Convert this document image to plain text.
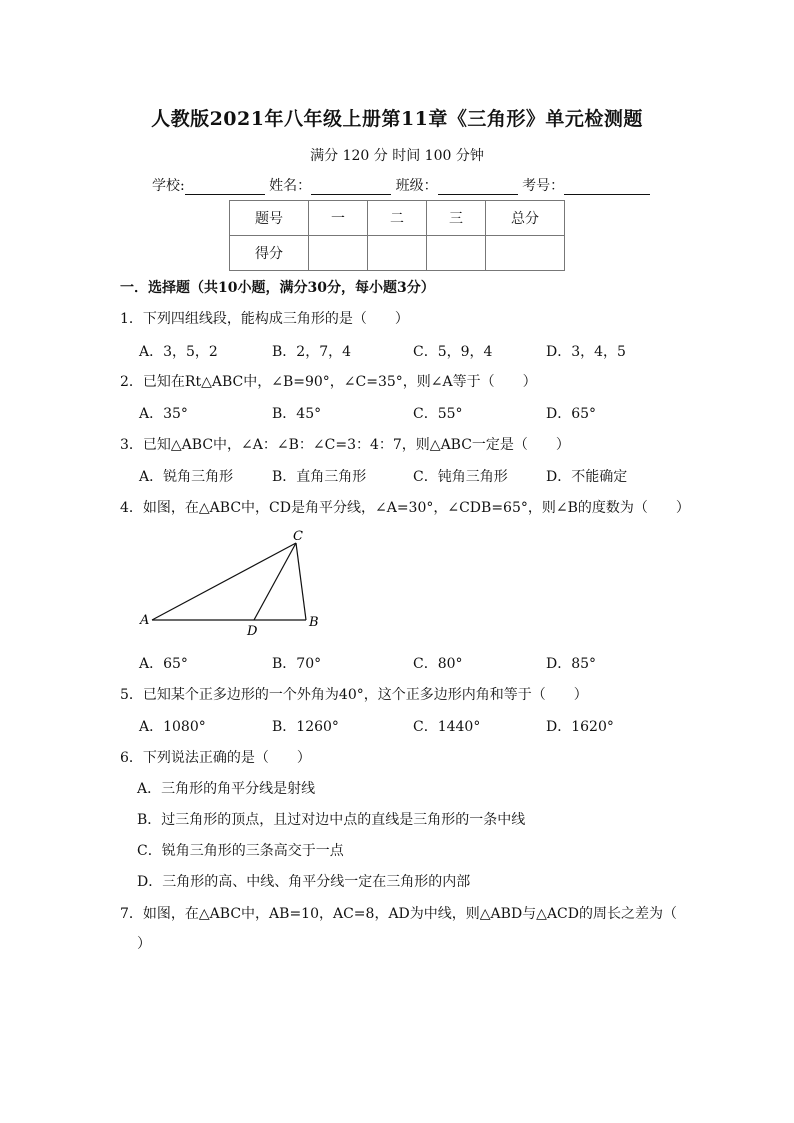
人教版2021年八年级上册第11章《三角形》单元检测题
满分 120 分 时间 100 分钟
学校:	姓名：	班级：	考号：
题号	一	二	三	总分
得分				
一．选择题（共10小题，满分30分，每小题3分）
1．下列四组线段，能构成三角形的是（　　）
A．3，5，2	B．2，7，4	C．5，9，4	D．3，4，5
2．已知在Rt△ABC中，∠B=90°，∠C=35°，则∠A等于（　　）
A．35°	B．45°	C．55°	D．65°
3．已知△ABC中，∠A：∠B：∠C=3：4：7，则△ABC一定是（　　）
A．锐角三角形	B．直角三角形	C．钝角三角形	D．不能确定
4．如图，在△ABC中，CD是角平分线，∠A=30°，∠CDB=65°，则∠B的度数为（　　）
C
A
D
B
A．65°	B．70°	C．80°	D．85°
5．已知某个正多边形的一个外角为40°，这个正多边形内角和等于（　　）
A．1080°	B．1260°	C．1440°	D．1620°
6．下列说法正确的是（　　）
A．三角形的角平分线是射线
B．过三角形的顶点，且过对边中点的直线是三角形的一条中线
C．锐角三角形的三条高交于一点
D．三角形的高、中线、角平分线一定在三角形的内部
7．如图，在△ABC中，AB=10，AC=8，AD为中线，则△ABD与△ACD的周长之差为（
）
